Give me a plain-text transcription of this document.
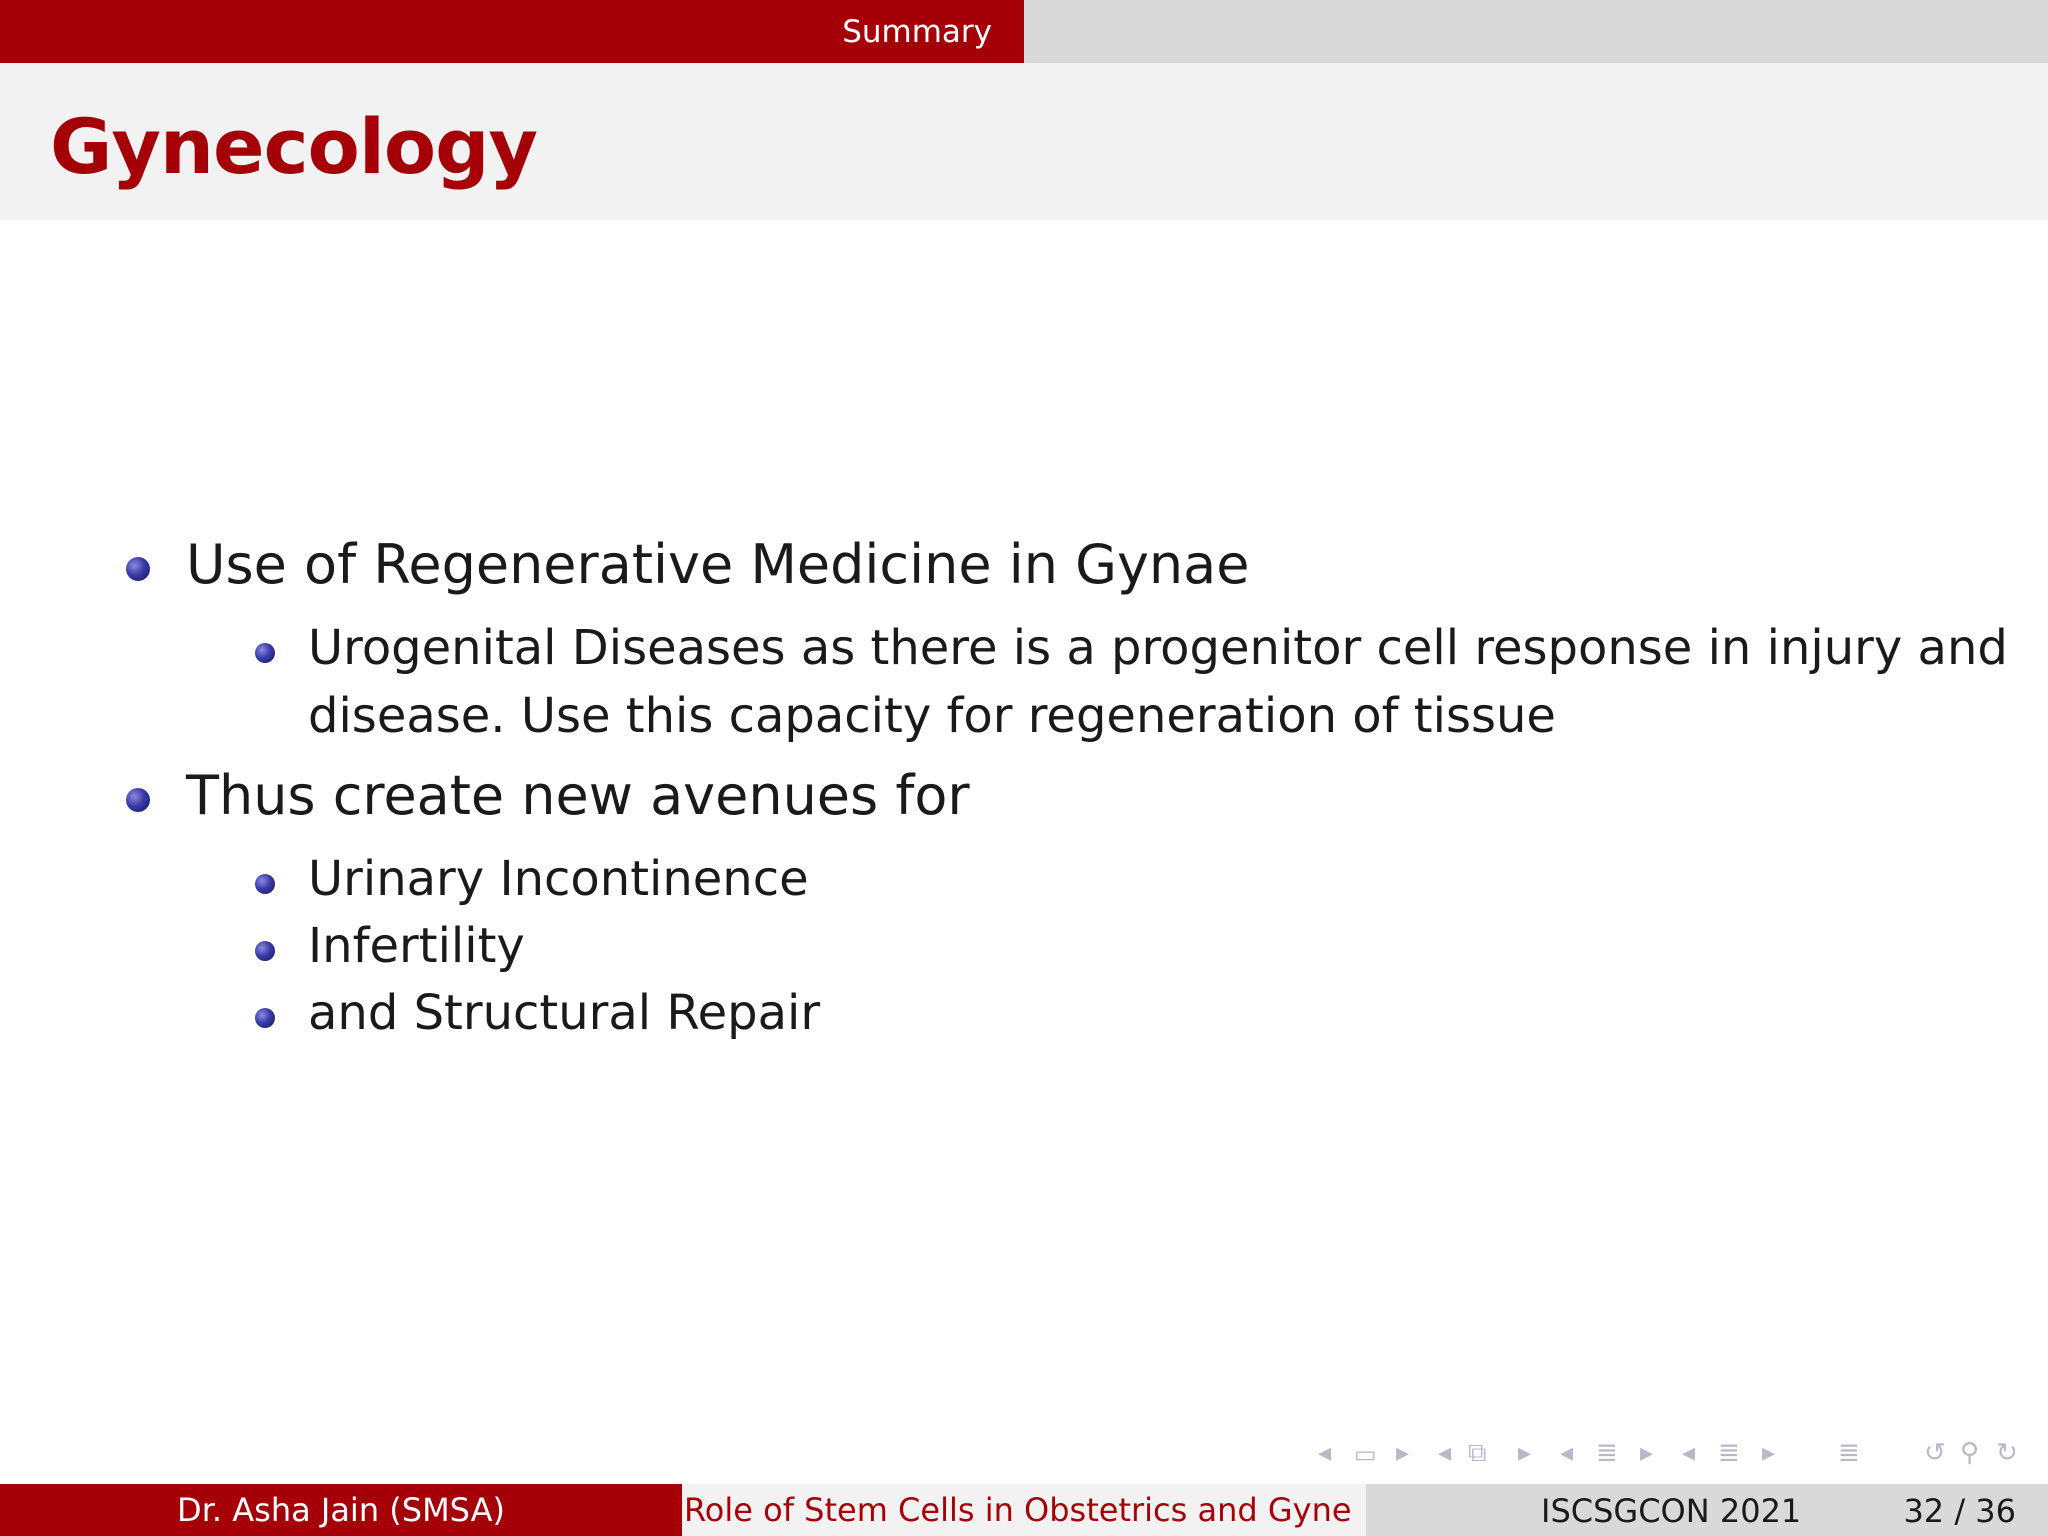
Summary
Gynecology
Use of Regenerative Medicine in Gynae
Urogenital Diseases as there is a progenitor cell response in injury and
disease. Use this capacity for regeneration of tissue
Thus create new avenues for
Urinary Incontinence
Infertility
and Structural Repair
◂ ▭ ▸ ◂ ⧉ ▸ ◂ ≣ ▸ ◂ ≣ ▸ ≣ ↺ ⚲ ↻
Dr. Asha Jain (SMSA)	Role of Stem Cells in Obstetrics and Gyne	ISCSGCON 2021	32 / 36
